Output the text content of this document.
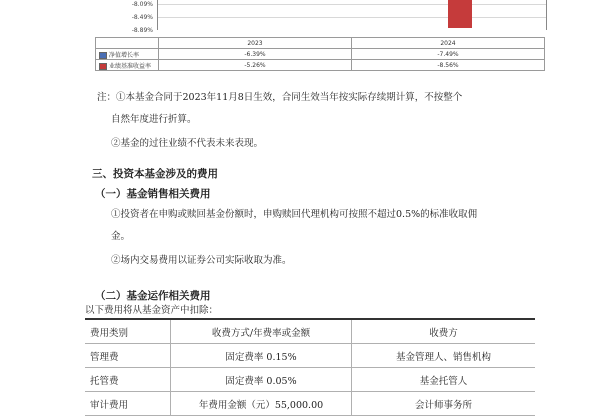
-8.09%
-8.49%
-8.89%
	2023	2024
净值增长率	-6.39%	-7.49%
业绩基准收益率	-5.26%	-8.56%
注：①本基金合同于2023年11月8日生效，合同生效当年按实际存续期计算，不按整个
自然年度进行折算。
②基金的过往业绩不代表未来表现。
三、投资本基金涉及的费用
（一）基金销售相关费用
①投资者在申购或赎回基金份额时，申购赎回代理机构可按照不超过0.5%的标准收取佣
金。
②场内交易费用以证券公司实际收取为准。
（二）基金运作相关费用
以下费用将从基金资产中扣除：
费用类别	收费方式/年费率或金额	收费方
管理费	固定费率 0.15%	基金管理人、销售机构
托管费	固定费率 0.05%	基金托管人
审计费用	年费用金额（元）55,000.00	会计师事务所
